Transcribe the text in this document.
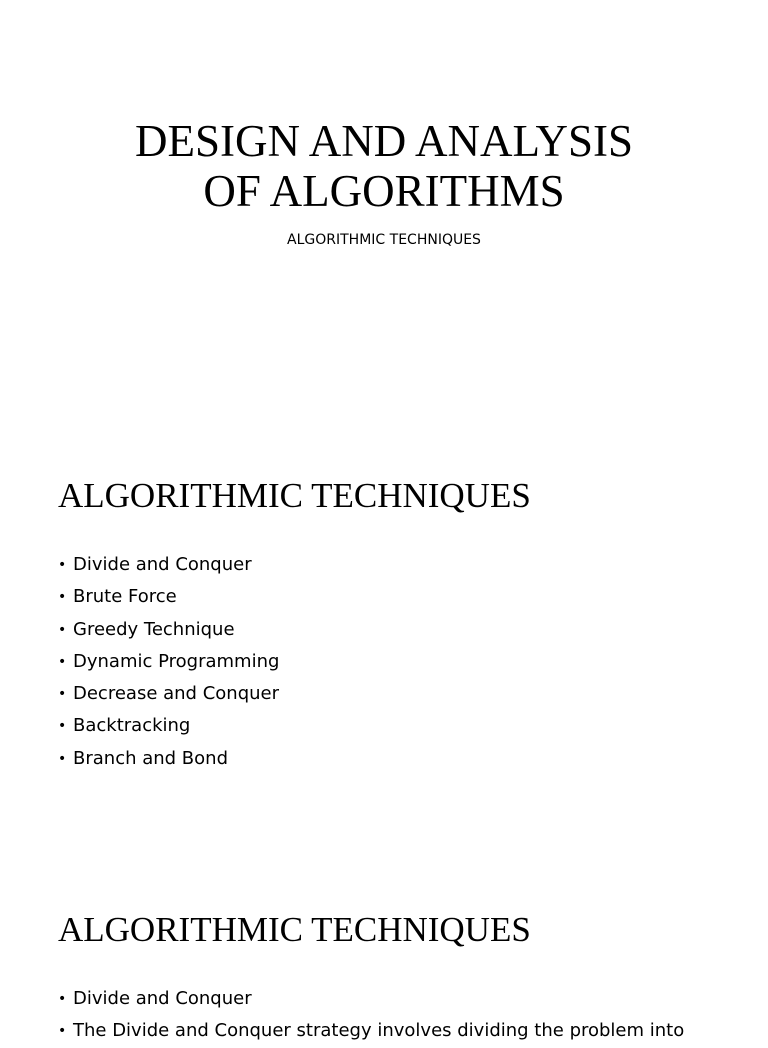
DESIGN AND ANALYSIS
OF ALGORITHMS
ALGORITHMIC TECHNIQUES
ALGORITHMIC TECHNIQUES
• Divide and Conquer
• Brute Force
• Greedy Technique
• Dynamic Programming
• Decrease and Conquer
• Backtracking
• Branch and Bond
ALGORITHMIC TECHNIQUES
• Divide and Conquer
• The Divide and Conquer strategy involves dividing the problem into
